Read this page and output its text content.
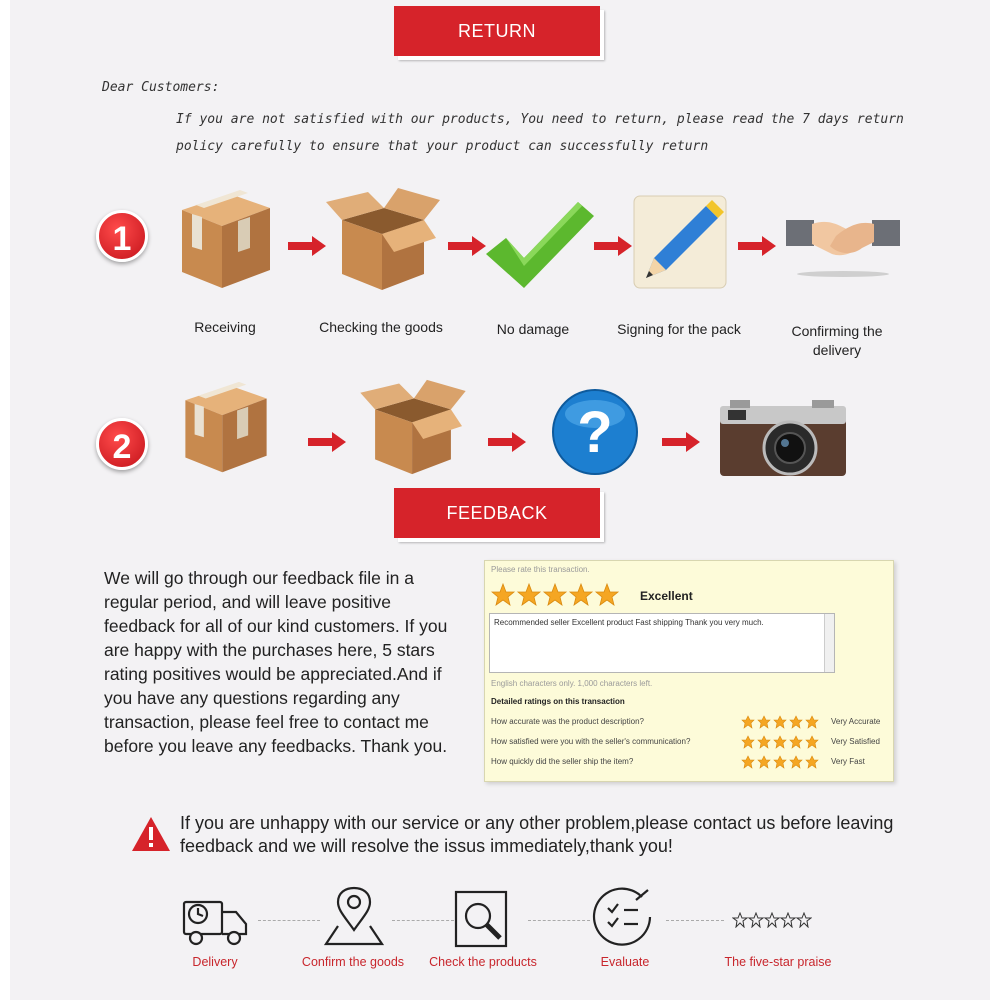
RETURN
Dear Customers:
If you are not satisfied with our products, You need to return, please read the 7 days return policy carefully to ensure that your product can successfully return
1
Receiving	Checking the goods	No damage	Signing for the pack	Confirming the delivery
2	?
FEEDBACK
We will go through our feedback file in a regular period, and will leave positive feedback for all of our kind customers. If you are happy with the purchases here, 5 stars rating positives would be appreciated.And if you have any questions regarding any transaction, please feel free to contact me before you leave any feedbacks. Thank you.
Please rate this transaction.
Excellent
Recommended seller Excellent product Fast shipping Thank you very much.
English characters only. 1,000 characters left.
Detailed ratings on this transaction
How accurate was the product description?	Very Accurate
How satisfied were you with the seller's communication?	Very Satisfied
How quickly did the seller ship the item?	Very Fast
If you are unhappy with our service or any other problem,please contact us before leaving feedback and we will resolve the issus immediately,thank you!
Delivery	Confirm the goods	Check the products	Evaluate	The five-star praise
